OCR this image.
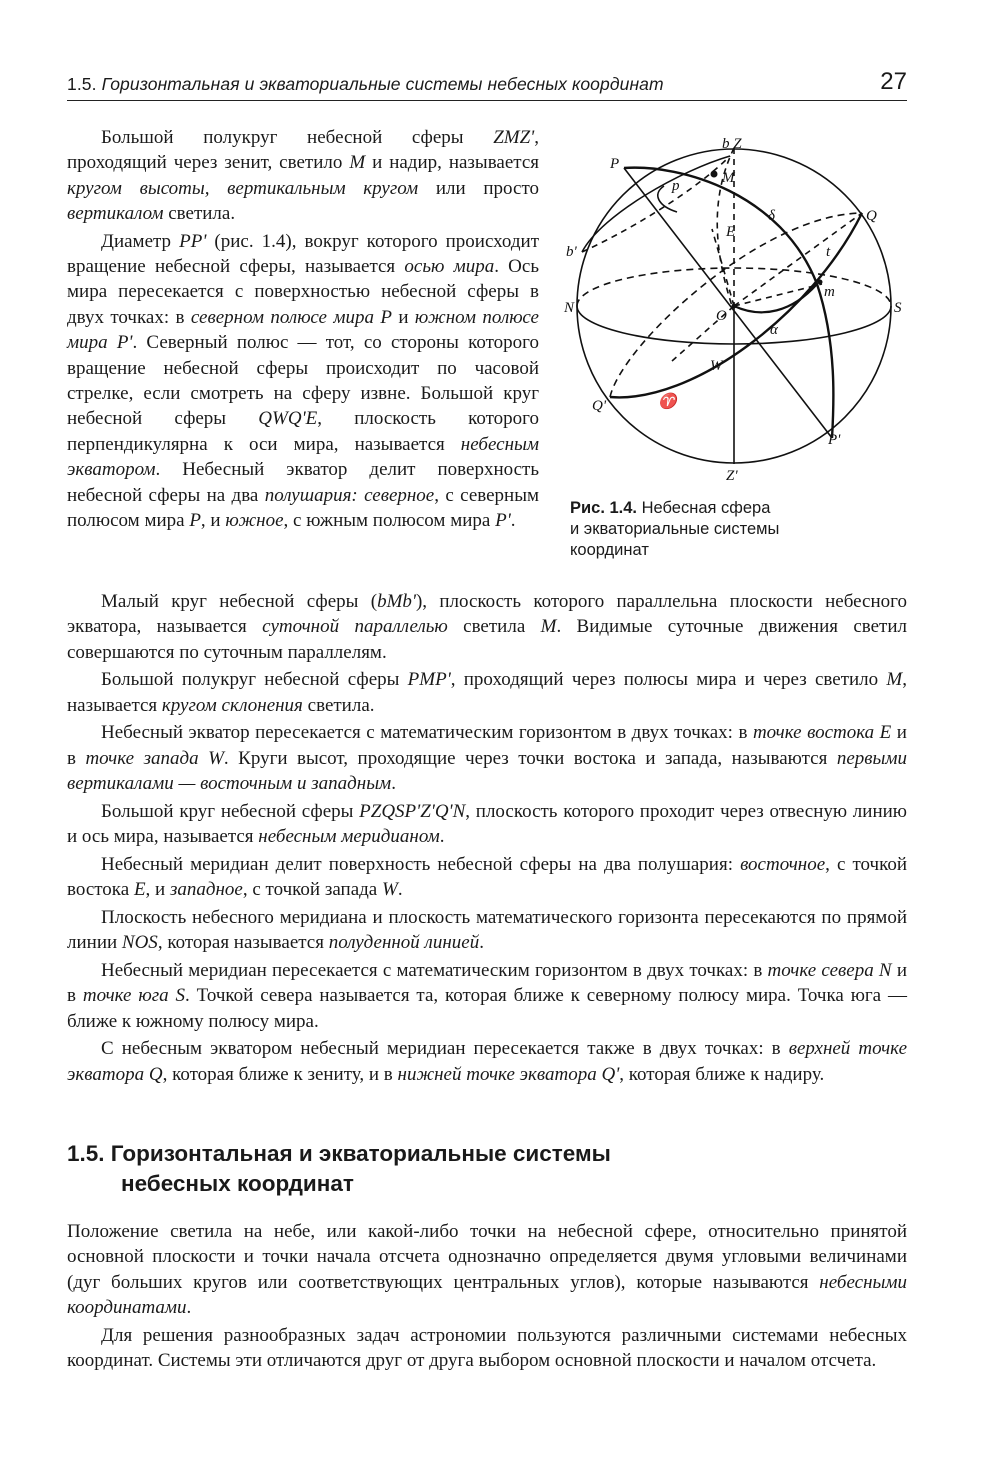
1.5. Горизонтальная и экваториальные системы небесных координат	27

Большой полукруг небесной сферы ZMZ', проходящий через зенит, светило M и надир, называется кругом высоты, вертикальным кругом или просто вертикалом светила.

Диаметр PP' (рис. 1.4), вокруг которого происходит вращение небесной сферы, называется осью мира. Ось мира пересекается с поверхностью небесной сферы в двух точках: в северном полюсе мира P и южном полюсе мира P'. Северный полюс — тот, со стороны которого вращение небесной сферы происходит по часовой стрелке, если смотреть на сферу извне. Большой круг небесной сферы QWQ'E, плоскость которого перпендикулярна к оси мира, называется небесным экватором. Небесный экватор делит поверхность небесной сферы на два полушария: северное, с северным полюсом мира P, и южное, с южным полюсом мира P'.

b Z
M
P
p
E
δ	Q
b'
N	O
m
S
t
α
W
Q'	♈
P'
Z'
Рис. 1.4. Небесная сфера
и экваториальные системы
координат

Малый круг небесной сферы (bMb'), плоскость которого параллельна плоскости небесного экватора, называется суточной параллелью светила M. Видимые суточные движения светил совершаются по суточным параллелям.

Большой полукруг небесной сферы PMP', проходящий через полюсы мира и через светило M, называется кругом склонения светила.

Небесный экватор пересекается с математическим горизонтом в двух точках: в точке востока E и в точке запада W. Круги высот, проходящие через точки востока и запада, называются первыми вертикалами — восточным и западным.

Большой круг небесной сферы PZQSP'Z'Q'N, плоскость которого проходит через отвесную линию и ось мира, называется небесным меридианом.

Небесный меридиан делит поверхность небесной сферы на два полушария: восточное, с точкой востока E, и западное, с точкой запада W.

Плоскость небесного меридиана и плоскость математического горизонта пересекаются по прямой линии NOS, которая называется полуденной линией.

Небесный меридиан пересекается с математическим горизонтом в двух точках: в точке севера N и в точке юга S. Точкой севера называется та, которая ближе к северному полюсу мира. Точка юга — ближе к южному полюсу мира.

С небесным экватором небесный меридиан пересекается также в двух точках: в верхней точке экватора Q, которая ближе к зениту, и в нижней точке экватора Q', которая ближе к надиру.

1.5. Горизонтальная и экваториальные системы
небесных координат

Положение светила на небе, или какой-либо точки на небесной сфере, относительно принятой основной плоскости и точки начала отсчета однозначно определяется двумя угловыми величинами (дуг больших кругов или соответствующих центральных углов), которые называются небесными координатами.

Для решения разнообразных задач астрономии пользуются различными системами небесных координат. Системы эти отличаются друг от друга выбором основной плоскости и началом отсчета.
